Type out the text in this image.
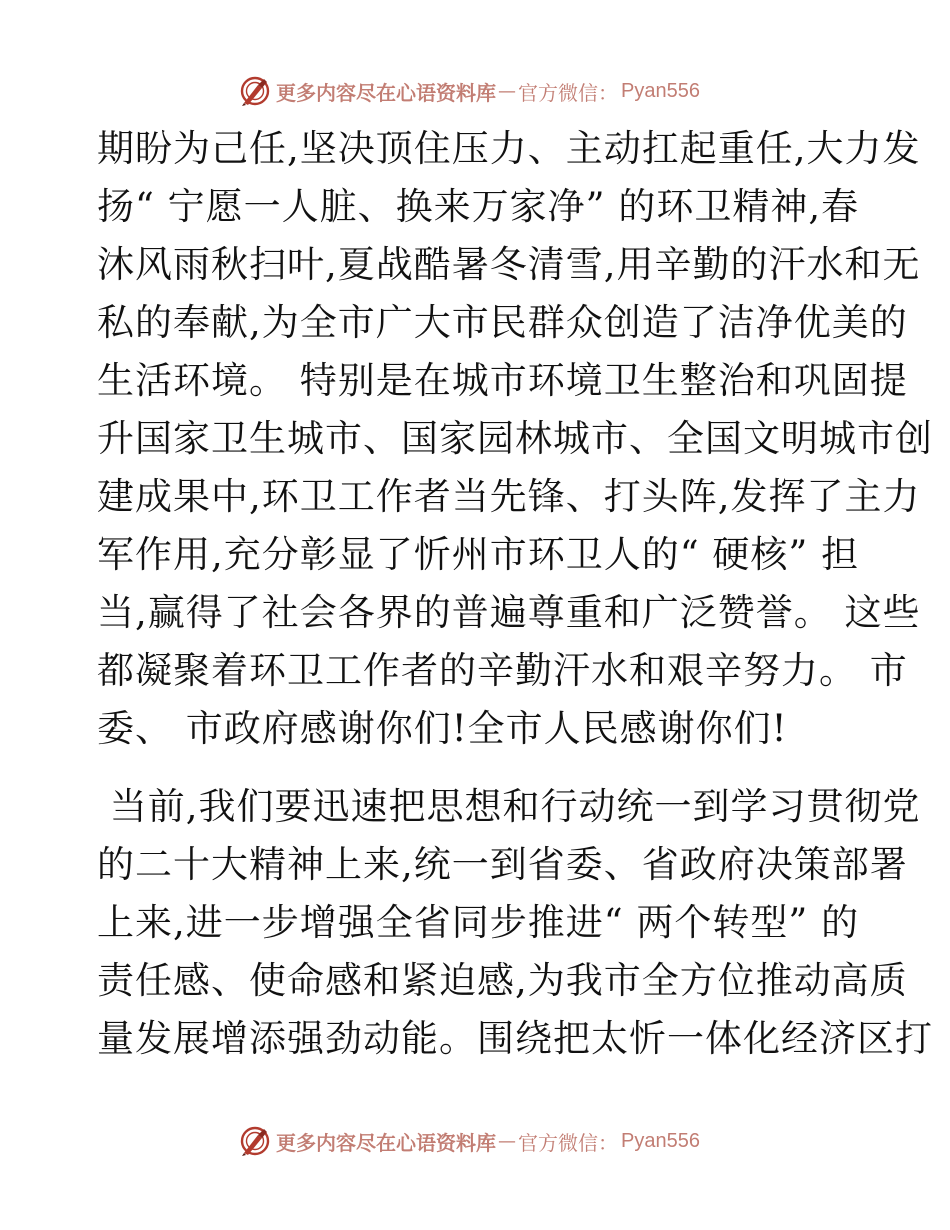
更多内容尽在心语资料库 — 官方微信： Pyan556
期盼为己任,坚决顶住压力、主动扛起重任,大力发
扬“ 宁愿一人脏、换来万家净” 的环卫精神,春
沐风雨秋扫叶,夏战酷暑冬清雪,用辛勤的汗水和无
私的奉献,为全市广大市民群众创造了洁净优美的
生活环境。 特别是在城市环境卫生整治和巩固提
升国家卫生城市、国家园林城市、全国文明城市创
建成果中,环卫工作者当先锋、打头阵,发挥了主力
军作用,充分彰显了忻州市环卫人的“ 硬核” 担
当,赢得了社会各界的普遍尊重和广泛赞誉。 这些
都凝聚着环卫工作者的辛勤汗水和艰辛努力。 市
委、 市政府感谢你们!全市人民感谢你们!
当前,我们要迅速把思想和行动统一到学习贯彻党
的二十大精神上来,统一到省委、省政府决策部署
上来,进一步增强全省同步推进“ 两个转型” 的
责任感、使命感和紧迫感,为我市全方位推动高质
量发展增添强劲动能。围绕把太忻一体化经济区打
更多内容尽在心语资料库 — 官方微信： Pyan556
